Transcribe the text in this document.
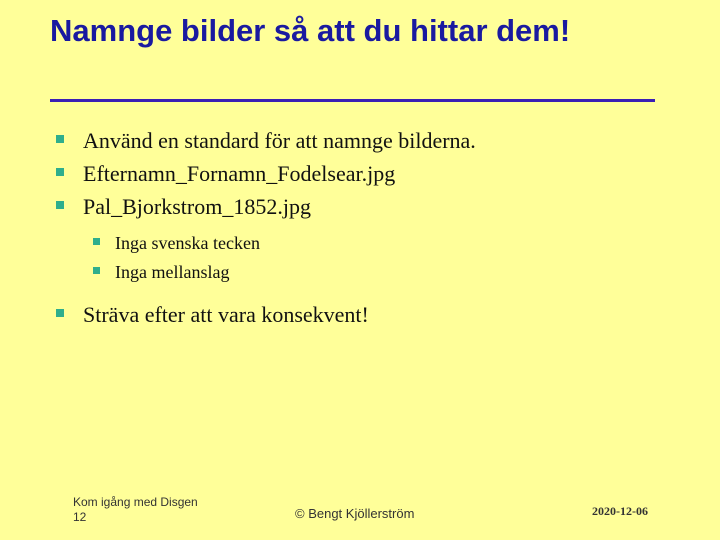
Namnge bilder så att du hittar dem!
Använd en standard för att namnge bilderna.
Efternamn_Fornamn_Fodelsear.jpg
Pal_Bjorkstrom_1852.jpg
Inga svenska tecken
Inga mellanslag
Sträva efter att vara konsekvent!
Kom igång med Disgen
12	© Bengt Kjöllerström	2020-12-06
